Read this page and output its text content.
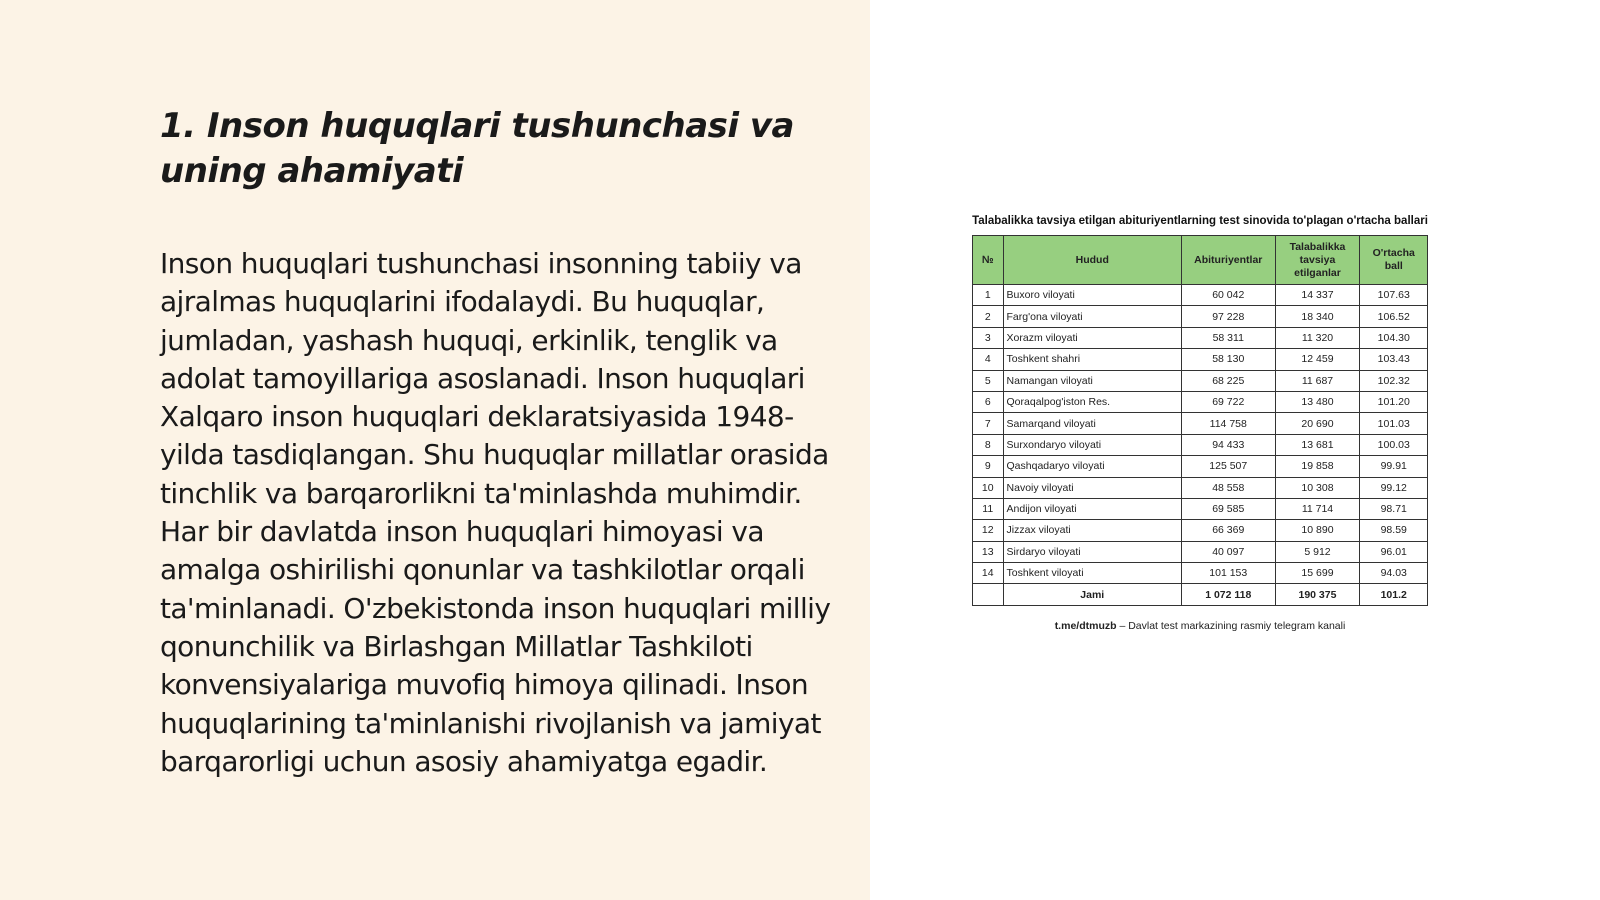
1. Inson huquqlari tushunchasi va uning ahamiyati

Inson huquqlari tushunchasi insonning tabiiy va ajralmas huquqlarini ifodalaydi. Bu huquqlar, jumladan, yashash huquqi, erkinlik, tenglik va adolat tamoyillariga asoslanadi. Inson huquqlari Xalqaro inson huquqlari deklaratsiyasida 1948-yilda tasdiqlangan. Shu huquqlar millatlar orasida tinchlik va barqarorlikni ta'minlashda muhimdir. Har bir davlatda inson huquqlari himoyasi va amalga oshirilishi qonunlar va tashkilotlar orqali ta'minlanadi. O'zbekistonda inson huquqlari milliy qonunchilik va Birlashgan Millatlar Tashkiloti konvensiyalariga muvofiq himoya qilinadi. Inson huquqlarining ta'minlanishi rivojlanish va jamiyat barqarorligi uchun asosiy ahamiyatga egadir.

Talabalikka tavsiya etilgan abituriyentlarning test sinovida to'plagan o'rtacha ballari
№	Hudud	Abituriyentlar	Talabalikka tavsiya etilganlar	O'rtacha ball
1	Buxoro viloyati	60 042	14 337	107.63
2	Farg'ona viloyati	97 228	18 340	106.52
3	Xorazm viloyati	58 311	11 320	104.30
4	Toshkent shahri	58 130	12 459	103.43
5	Namangan viloyati	68 225	11 687	102.32
6	Qoraqalpog'iston Res.	69 722	13 480	101.20
7	Samarqand viloyati	114 758	20 690	101.03
8	Surxondaryo viloyati	94 433	13 681	100.03
9	Qashqadaryo viloyati	125 507	19 858	99.91
10	Navoiy viloyati	48 558	10 308	99.12
11	Andijon viloyati	69 585	11 714	98.71
12	Jizzax viloyati	66 369	10 890	98.59
13	Sirdaryo viloyati	40 097	5 912	96.01
14	Toshkent viloyati	101 153	15 699	94.03
	Jami	1 072 118	190 375	101.2
t.me/dtmuzb – Davlat test markazining rasmiy telegram kanali
